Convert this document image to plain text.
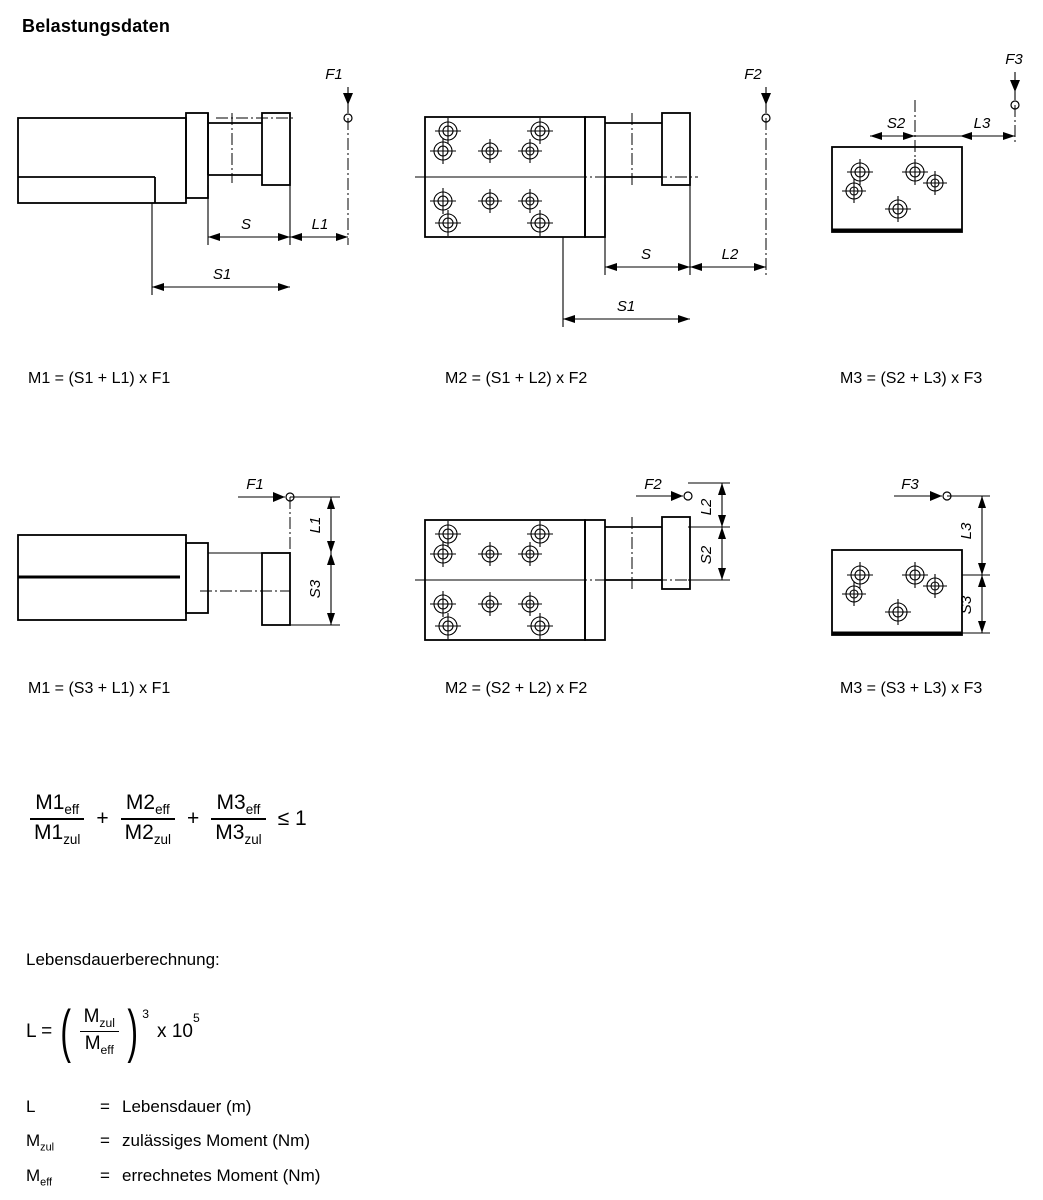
Belastungsdaten
F1
S	L1
S1
M1 = (S1 + L1) x F1
F2
S	L2
S1
M2 = (S1 + L2) x F2
F3
S2	L3
M3 = (S2 + L3) x F3
F1
L1
S3
M1 = (S3 + L1) x F1
F2
L2
S2
M2 = (S2 + L2) x F2
F3
L3
S3
M3 = (S3 + L3) x F3
$\frac{M1_{eff}}{M1_{zul}} + \frac{M2_{eff}}{M2_{zul}} + \frac{M3_{eff}}{M3_{zul}} \le 1$
Lebensdauerberechnung:
L = ( $\frac{M_{zul}}{M_{eff}}$ ) $^3$
x 10
$^5$
L	= Lebensdauer (m)
$M_{zul}$	= zulässiges Moment (Nm)
$M_{eff}$	= errechnetes Moment (Nm)
